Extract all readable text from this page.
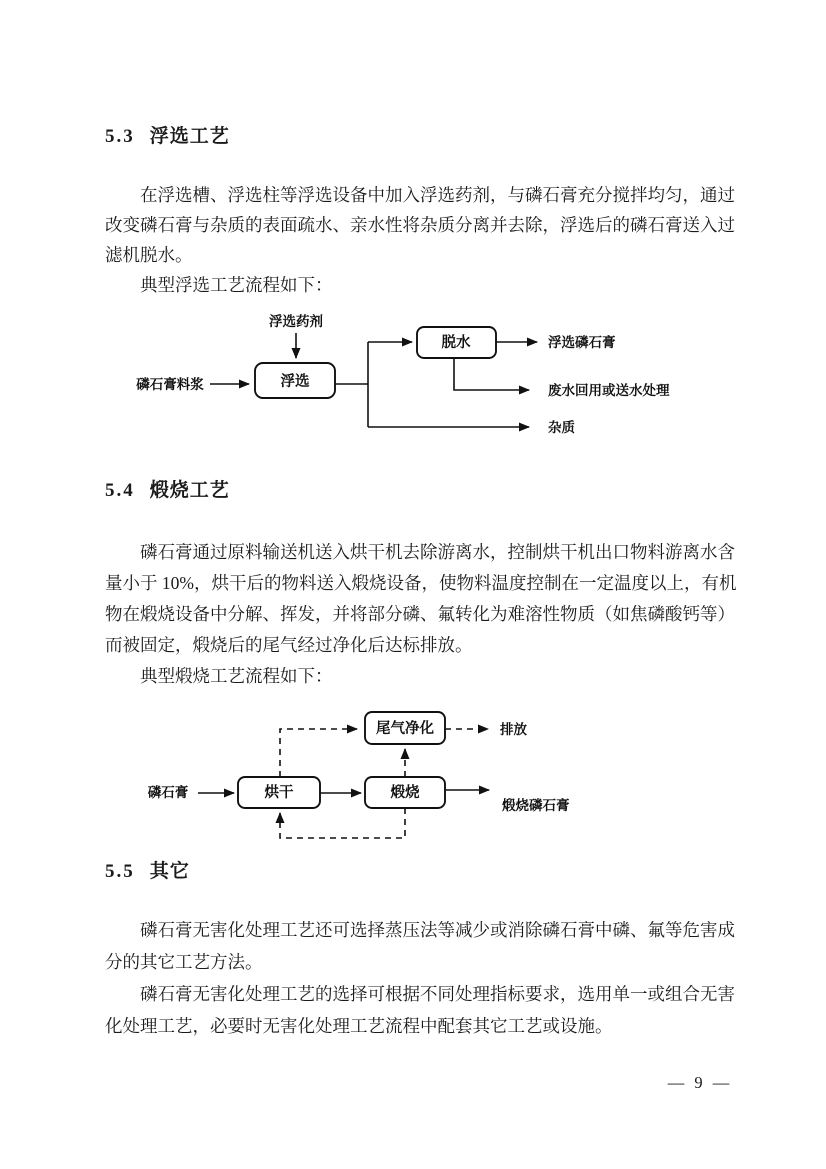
5.3 浮选工艺
在浮选槽、浮选柱等浮选设备中加入浮选药剂，与磷石膏充分搅拌均匀，通过
改变磷石膏与杂质的表面疏水、亲水性将杂质分离并去除，浮选后的磷石膏送入过
滤机脱水。
典型浮选工艺流程如下：
浮选药剂
磷石膏料浆	浮选
脱水	浮选磷石膏
废水回用或送水处理
杂质
5.4 煅烧工艺
磷石膏通过原料输送机送入烘干机去除游离水，控制烘干机出口物料游离水含
量小于 10%，烘干后的物料送入煅烧设备，使物料温度控制在一定温度以上，有机
物在煅烧设备中分解、挥发，并将部分磷、氟转化为难溶性物质（如焦磷酸钙等）
而被固定，煅烧后的尾气经过净化后达标排放。
典型煅烧工艺流程如下：
磷石膏	烘干	煅烧
尾气净化	排放
煅烧磷石膏
5.5 其它
磷石膏无害化处理工艺还可选择蒸压法等减少或消除磷石膏中磷、氟等危害成
分的其它工艺方法。
磷石膏无害化处理工艺的选择可根据不同处理指标要求，选用单一或组合无害
化处理工艺，必要时无害化处理工艺流程中配套其它工艺或设施。
— 9 —
